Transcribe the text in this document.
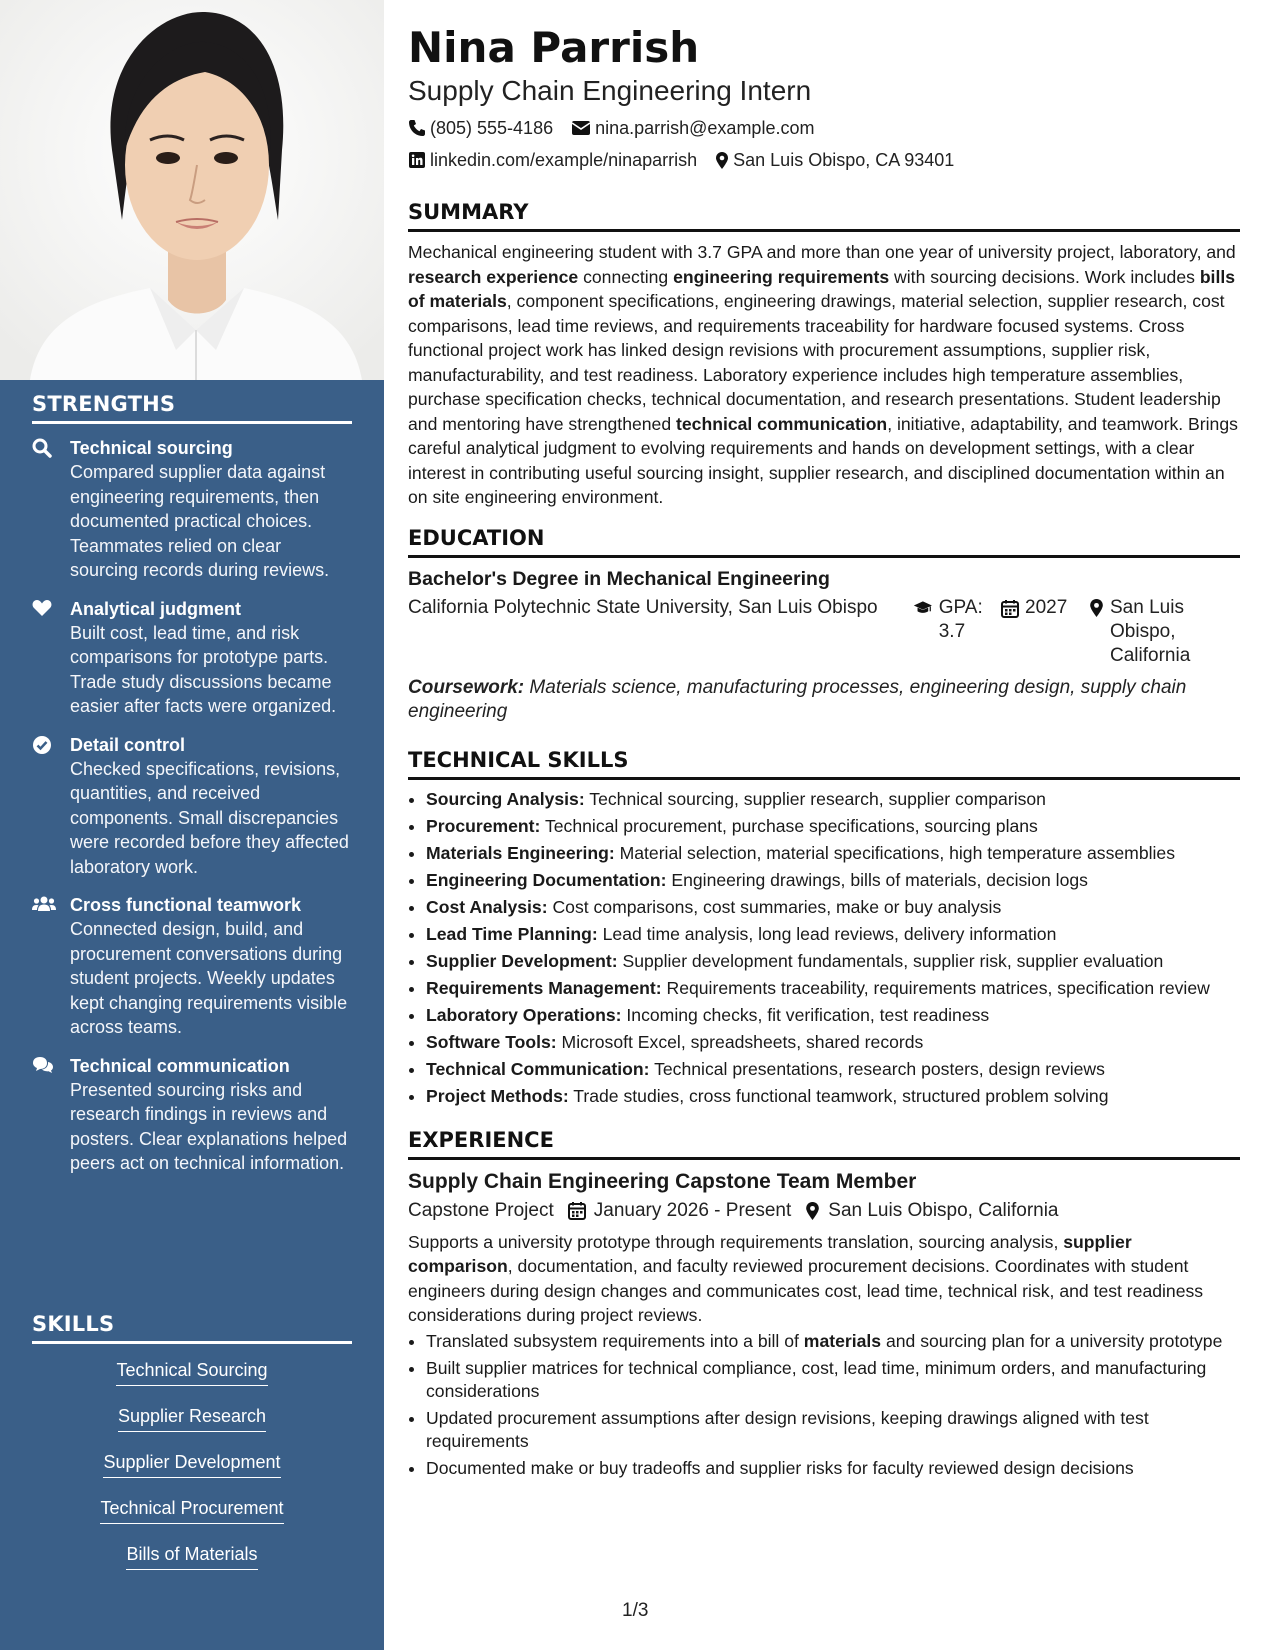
STRENGTHS
Technical sourcing
Compared supplier data against engineering requirements, then documented practical choices. Teammates relied on clear sourcing records during reviews.
Analytical judgment
Built cost, lead time, and risk comparisons for prototype parts. Trade study discussions became easier after facts were organized.
Detail control
Checked specifications, revisions, quantities, and received components. Small discrepancies were recorded before they affected laboratory work.
Cross functional teamwork
Connected design, build, and procurement conversations during student projects. Weekly updates kept changing requirements visible across teams.
Technical communication
Presented sourcing risks and research findings in reviews and posters. Clear explanations helped peers act on technical information.
SKILLS
Technical Sourcing
Supplier Research
Supplier Development
Technical Procurement
Bills of Materials
Nina Parrish
Supply Chain Engineering Intern
(805) 555-4186 nina.parrish@example.com
linkedin.com/example/ninaparrish San Luis Obispo, CA 93401
SUMMARY
Mechanical engineering student with 3.7 GPA and more than one year of university project, laboratory, and research experience connecting engineering requirements with sourcing decisions. Work includes bills of materials, component specifications, engineering drawings, material selection, supplier research, cost comparisons, lead time reviews, and requirements traceability for hardware focused systems. Cross functional project work has linked design revisions with procurement assumptions, supplier risk, manufacturability, and test readiness. Laboratory experience includes high temperature assemblies, purchase specification checks, technical documentation, and research presentations. Student leadership and mentoring have strengthened technical communication, initiative, adaptability, and teamwork. Brings careful analytical judgment to evolving requirements and hands on development settings, with a clear interest in contributing useful sourcing insight, supplier research, and disciplined documentation within an on site engineering environment.
EDUCATION
Bachelor's Degree in Mechanical Engineering
California Polytechnic State University, San Luis Obispo	GPA: 3.7
2027 San Luis Obispo, California
Coursework: Materials science, manufacturing processes, engineering design, supply chain engineering
TECHNICAL SKILLS
• Sourcing Analysis: Technical sourcing, supplier research, supplier comparison
• Procurement: Technical procurement, purchase specifications, sourcing plans
• Materials Engineering: Material selection, material specifications, high temperature assemblies
• Engineering Documentation: Engineering drawings, bills of materials, decision logs
• Cost Analysis: Cost comparisons, cost summaries, make or buy analysis
• Lead Time Planning: Lead time analysis, long lead reviews, delivery information
• Supplier Development: Supplier development fundamentals, supplier risk, supplier evaluation
• Requirements Management: Requirements traceability, requirements matrices, specification review
• Laboratory Operations: Incoming checks, fit verification, test readiness
• Software Tools: Microsoft Excel, spreadsheets, shared records
• Technical Communication: Technical presentations, research posters, design reviews
• Project Methods: Trade studies, cross functional teamwork, structured problem solving
EXPERIENCE
Supply Chain Engineering Capstone Team Member
Capstone Project January 2026 - Present San Luis Obispo, California
Supports a university prototype through requirements translation, sourcing analysis, supplier comparison, documentation, and faculty reviewed procurement decisions. Coordinates with student engineers during design changes and communicates cost, lead time, technical risk, and test readiness considerations during project reviews.
• Translated subsystem requirements into a bill of materials and sourcing plan for a university prototype
• Built supplier matrices for technical compliance, cost, lead time, minimum orders, and manufacturing considerations
• Updated procurement assumptions after design revisions, keeping drawings aligned with test requirements
• Documented make or buy tradeoffs and supplier risks for faculty reviewed design decisions
1/3
